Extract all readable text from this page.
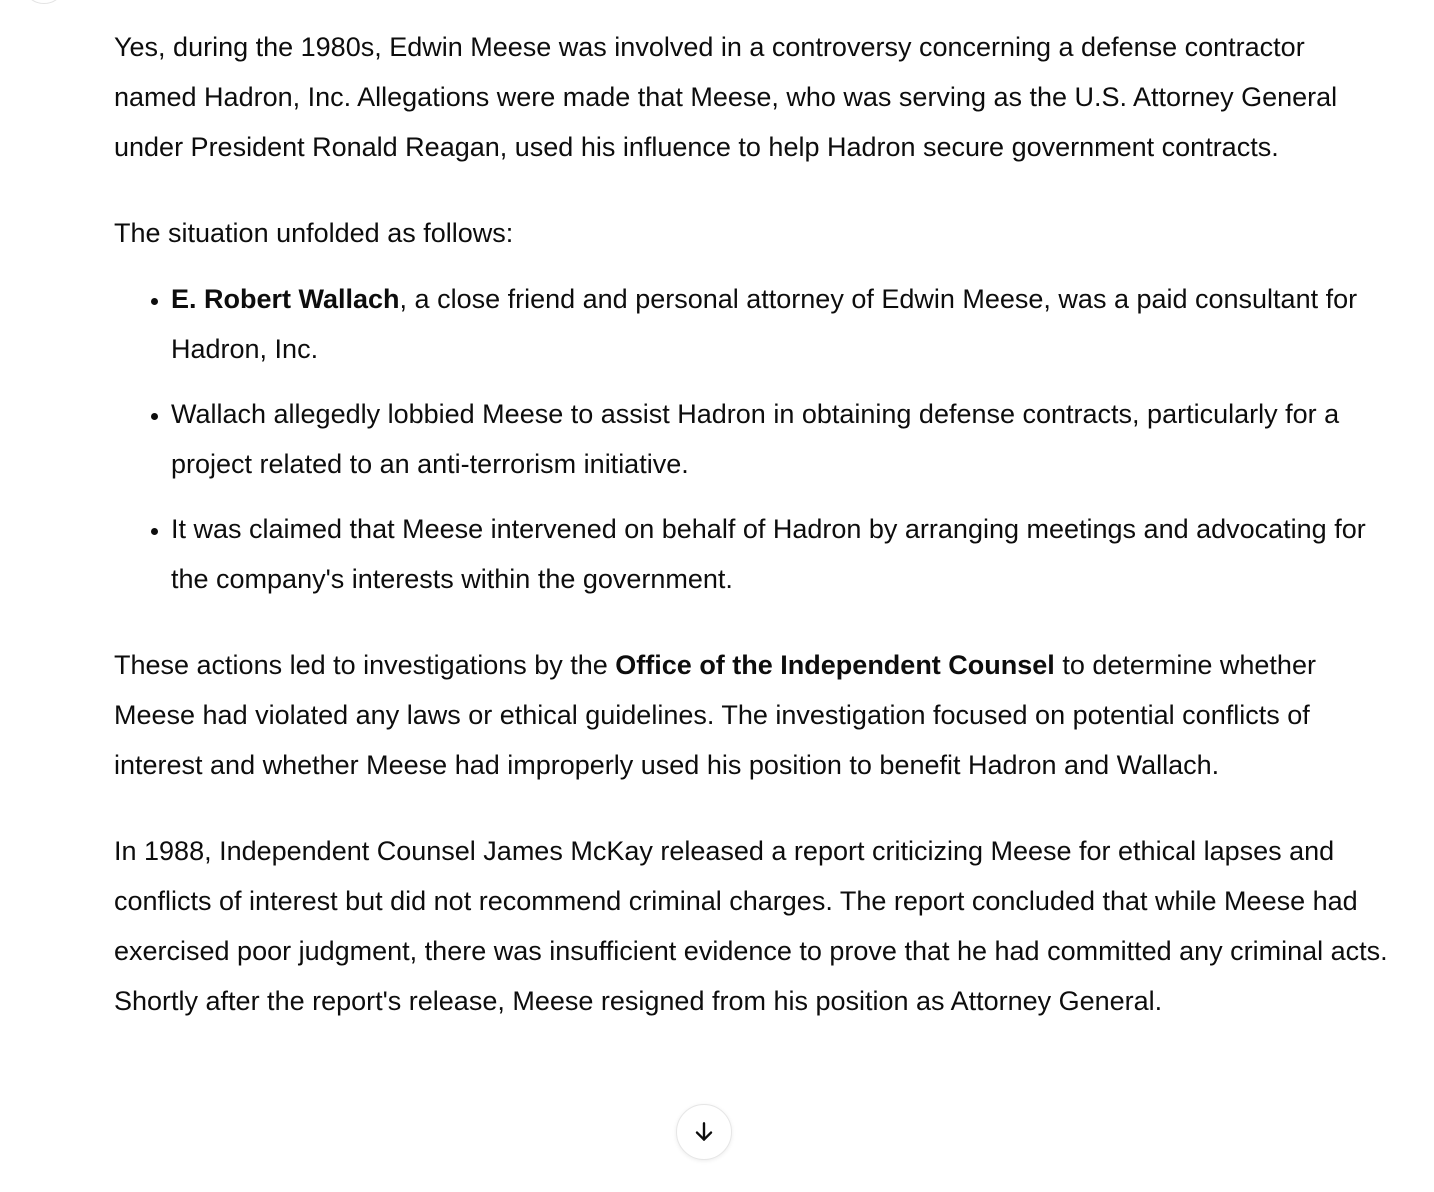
Yes, during the 1980s, Edwin Meese was involved in a controversy concerning a defense contractor named Hadron, Inc. Allegations were made that Meese, who was serving as the U.S. Attorney General under President Ronald Reagan, used his influence to help Hadron secure government contracts.

The situation unfolded as follows:

• E. Robert Wallach, a close friend and personal attorney of Edwin Meese, was a paid consultant for Hadron, Inc.
• Wallach allegedly lobbied Meese to assist Hadron in obtaining defense contracts, particularly for a project related to an anti-terrorism initiative.
• It was claimed that Meese intervened on behalf of Hadron by arranging meetings and advocating for the company's interests within the government.

These actions led to investigations by the Office of the Independent Counsel to determine whether Meese had violated any laws or ethical guidelines. The investigation focused on potential conflicts of interest and whether Meese had improperly used his position to benefit Hadron and Wallach.

In 1988, Independent Counsel James McKay released a report criticizing Meese for ethical lapses and conflicts of interest but did not recommend criminal charges. The report concluded that while Meese had exercised poor judgment, there was insufficient evidence to prove that he had committed any criminal acts. Shortly after the report's release, Meese resigned from his position as Attorney General.
